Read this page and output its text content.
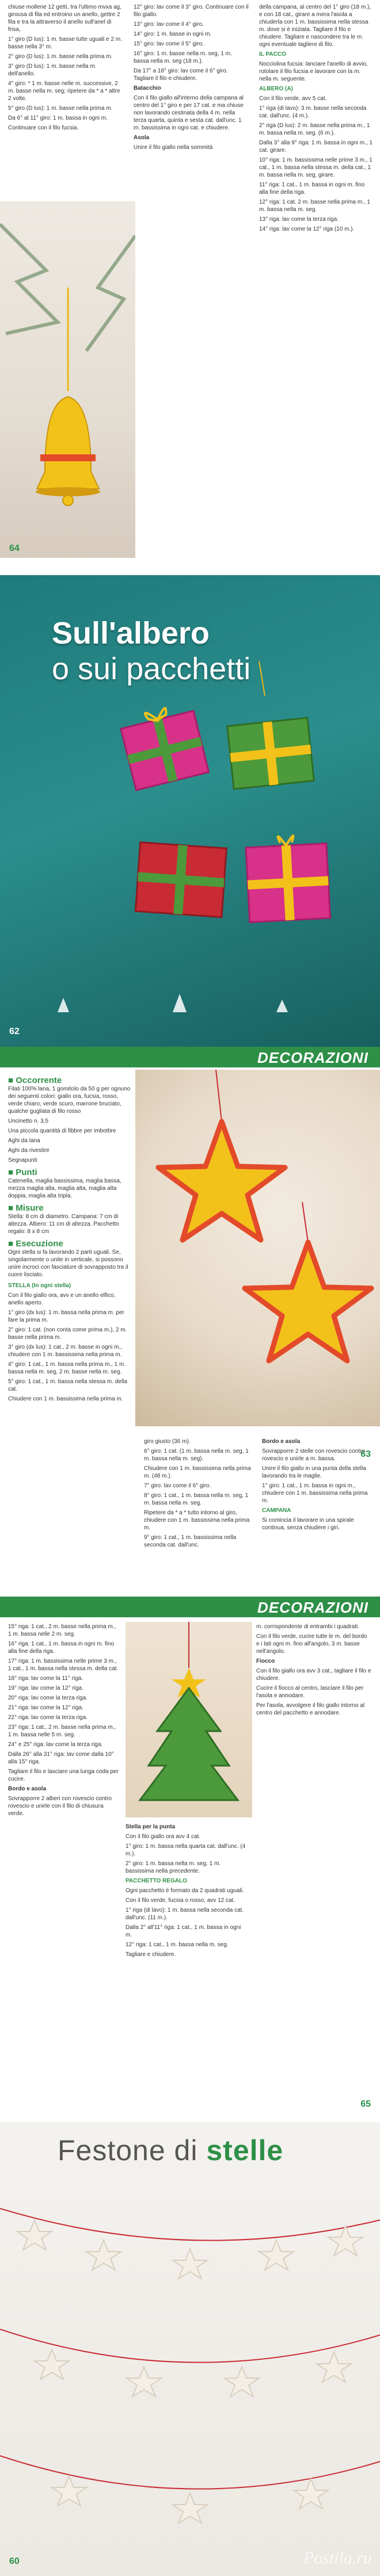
chiuse mollene 12 gettì, tra l'ultimo mvxa ag, girousa di fila ed entroino un anello, gettre 2 fila e tra la attraverso il anello sull'anel di frisa,

1° giro (D lus): 1 m. basse tutte uguali e 2 m. basse nella 3° m.

2° giro (D lus): 1 m. basse nella prima m.

3° giro (D lus): 1 m. basse nella m. dell'anello.

4° giro: * 1 m. basse nelle m. successive, 2 m. basse nella m. seg; ripetere da * a * altre 2 volte.

5° giro (D lus): 1 m. basse nella prima m.

Da 6° al 11° giro: 1 m. bassa in ogni m.

Continuare con il filo fucsia.

12° giro: lav come il 3° giro. Continuare con il filo giallo.

13° giro: lav come il 4° giro.

14° giro: 1 m. basse in ogni m.

15° giro: lav come il 5° giro.

16° giro: 1 m. basse nella m. seg, 1 m. bassa nella m. seg (18 m.).

Da 17° a 18° giro: lav come il 6° giro. Tagliare il filo e chiudere.

Batacchio

Con il filo giallo all'interno della campana al centro del 1° giro e per 17 cat. e ma chiuse non lavorando cestinata della 4 m. nella terza quarta, quinta e sesta cat. dall'unc. 1 m. bassissima in ogni cat. e chiudere.

Asola

Unire il filo giallo nella sommità

della campana, al centro del 1° giro (18 m.), e con 18 cat., girare a mera l'asola a chiuderla con 1 m. bassissima nella stessa m. dove si è iniziata. Tagliare il filo e chiudere. Tagliare e nascondere tra le m. ogni eventuale tagliere di filo.

IL PACCO

Nocciolina fucsia: lanciare l'anello di avvio, rotolare il filo fucsia e lavorare con la m. nella m. seguente.

ALBERO (A)

Con il filo verde, avv 5 cat.

1° riga (di lavo): 3 m. basse nella seconda cat. dall'unc. (4 m.).

2° riga (D lus): 2 m. basse nella prima m., 1 m. bassa nella m. seg. (6 m.).

Dalla 3° alla 9° riga: 1 m. bassa in ogni m., 1 cat. girare.

10° riga: 1 m. bassissima nelle prime 3 m., 1 cat., 1 m. bassa nella stessa m. della cat., 1 m. bassa nella m. seg, girare.

11° riga: 1 cat., 1 m. bassa in ogni m. fino alla fine della riga.

12° riga: 1 cat. 2 m. basse nella prima m., 1 m. bassa nella m. seg.

13° riga: lav come la terza riga.

14° riga: lav come la 12° riga (10 m.).

64
Sull'albero
o sui pacchetti
62
DECORAZIONI
■ Occorrente

Filati 100% lana, 1 gomitolo da 50 g per ognuno dei seguenti colori: giallo ora, fucsia, rosso, verde chiaro, verde scuro, marrone bruciato, qualche gugliata di filo rosso

Uncinetto n. 3,5

Una piccola quantità di fibbre per imbottire

Aghi da lana

Aghi da rivestire

Segnapunti

■ Punti

Catenella, maglia bassissima, maglia bassa, mezza maglia alta, maglia alta, maglia alta doppia, maglia alta tripla.

■ Misure

Stella: 8 cm di diametro. Campana: 7 cm di altezza. Albero: 11 cm di altezza. Pacchetto regalo: 8 x 8 cm

■ Esecuzione

Ogni stella si fa lavorando 2 parti uguali. Se, singolarmente o unite in verticale, si possono unire incroci con fasciature di sovrapposto tra il cuore lisciato.

STELLA (In ogni stella)

Con il filo giallo ora, avv e un anello elfico, anello aperto.

1° giro (dx lus): 1 m. bassa nella prima m. per fare la prima m.

2° giro: 1 cat. (non conta come prima m.), 2 m. basse nella prima m.

3° giro (dx lus): 1 cat., 2 m. basse in ogni m., chiudere con 1 m. bassissima nella prima m.

4° giro: 1 cat., 1 m. bassa nella prima m., 1 m. bassa nella m. seg, 2 m. basse nella m. seg.

5° giro: 1 cat., 1 m. bassa nella stessa m. della cat.

Chiudere con 1 m. bassissima nella prima m.

giro giusto (36 m).

6° giro: 1 cat. (1 m. bassa nella m. seg, 1 m. bassa nella m. seg).

Chiudere con 1 m. bassissima nella prima m. (48 m.).

7° giro: lav come il 6° giro.

8° giro: 1 cat., 1 m. bassa nella m. seg, 1 m. bassa nella m. seg.

Ripetere da * a * tutto intorno al giro, chiudere con 1 m. bassissima nella prima m.

9° giro: 1 cat., 1 m. bassissima nella seconda cat. dall'unc.

Bordo e asola

Sovrapporre 2 stelle con rovescio contro rovescio e unirle a m. bassa.

Unire il filo giallo in una punta della stella lavorando tra le maglie.

1° giro: 1 cat., 1 m. bassa in ogni m., chiudere con 1 m. bassissima nella prima m.

CAMPANA

Si comincia il lavorare in una spirale continua, senza chiudere i giri.

63
DECORAZIONI

15° riga: 1 cat., 2 m. basse nella prima m., 1 m. bassa nelle 2 m. seg.

16° riga: 1 cat., 1 m. bassa in ogni m. fino alla fine della riga.

17° riga: 1 m. bassissima nelle prime 3 m., 1 cat., 1 m. bassa nella stessa m. della cat.

18° riga: lav come la 11° riga.

19° riga: lav come la 12° riga.

20° riga: lav come la terza riga.

21° riga: lav come la 12° riga.

22° riga: lav come la terza riga.

23° riga: 1 cat., 2 m. basse nella prima m., 1 m. bassa nelle 5 m. seg.

24° e 25° riga: lav come la terza riga.

Dalla 26° alla 31° riga: lav come dalla 10° alla 15° riga.

Tagliare il filo e lasciare una lunga coda per cucire.

Bordo e asola

Sovrapporre 2 alberi con rovescio contro rovescio e unirle con il filo di chiusura verde.

Stella per la punta

Con il filo giallo ora avv 4 cat.

1° giro: 1 m. bassa nella quarta cat. dall'unc. (4 m.).

2° giro: 1 m. bassa nella m. seg. 1 m. bassissima nella precedente.

PACCHETTO REGALO

Ogni pacchetto è formato da 2 quadrati uguali.

Con il filo verde, fucsia o rosso, avv 12 cat.

1° riga (di lavo): 1 m. bassa nella seconda cat. dall'unc. (11 m.).

Dalla 2° all'11° riga: 1 cat., 1 m. bassa in ogni m.

12° riga: 1 cat., 1 m. bassa nella m. seg.

Tagliare e chiudere.

m. corrispondente di entrambi i quadrati.

Con il filo verde, cucire tutte le m. del bordo e i lati ogni m. fino all'angolo, 3 m. basse nell'angolo.

Fiocco

Con il filo giallo ora avv 3 cat., tagliare il filo e chiudere.

Cucire il fiocco al centro, lasciare il filo per l'asola e annodare.

Per l'asola, avvolgere il filo giallo intorno al centro del pacchetto e annodare.

65
Festone di stelle
60	Postila.ru
